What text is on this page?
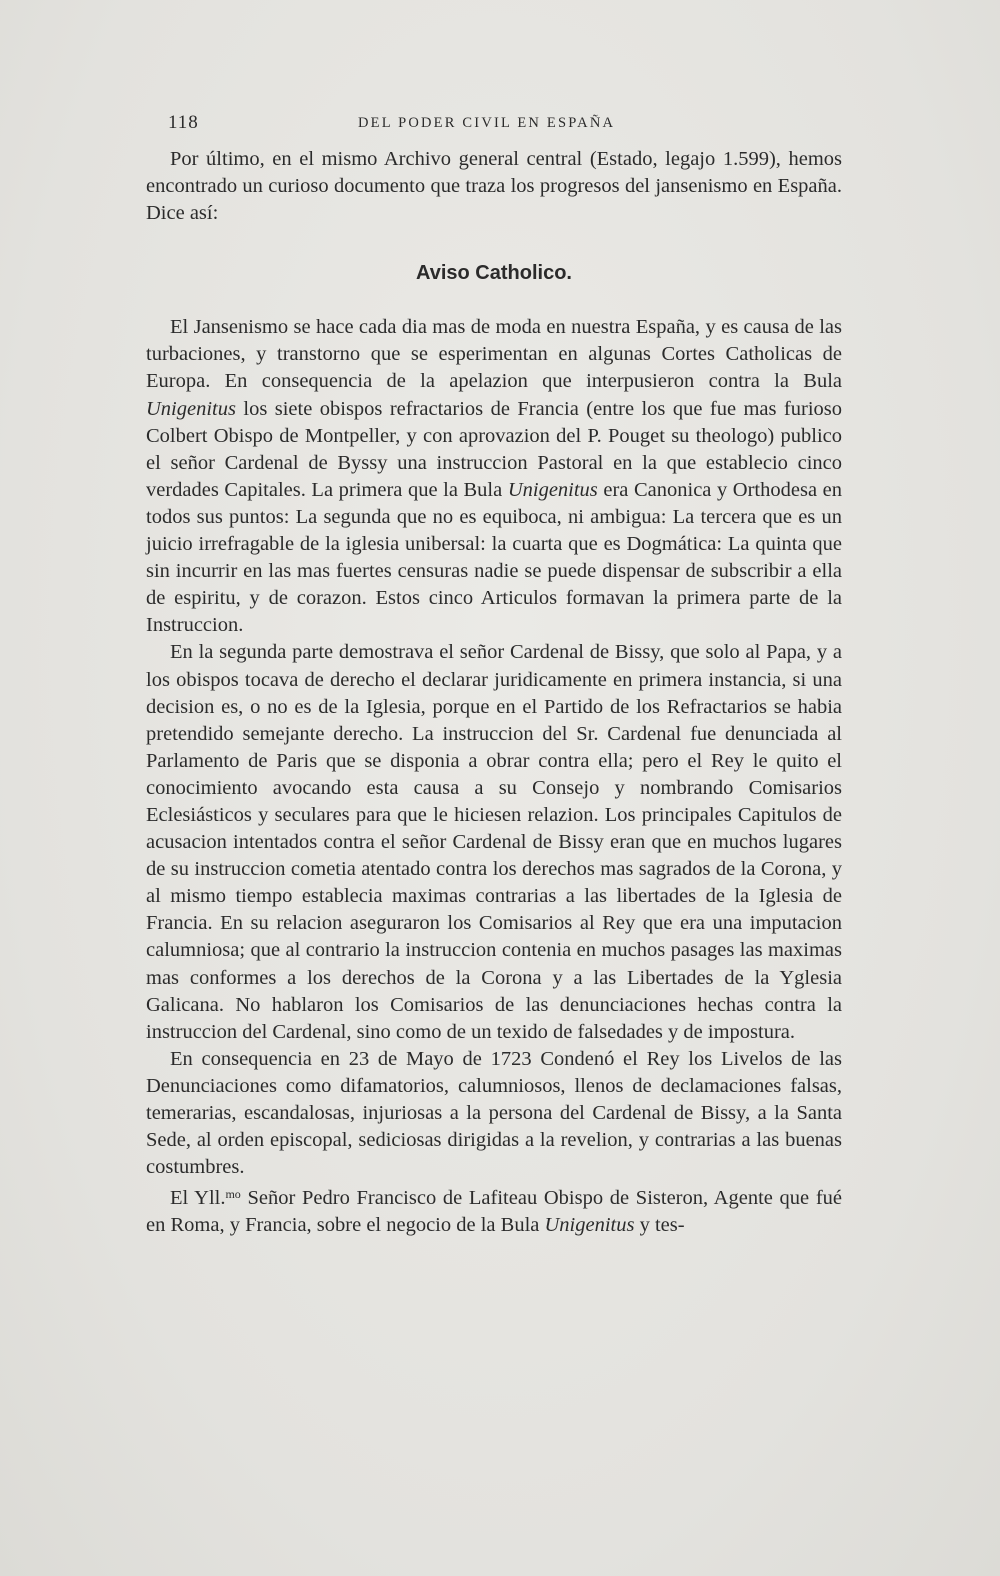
118	DEL PODER CIVIL EN ESPAÑA

Por último, en el mismo Archivo general central (Estado, legajo 1.599), hemos encontrado un curioso documento que traza los progresos del jansenismo en España. Dice así:

Aviso Catholico.

El Jansenismo se hace cada dia mas de moda en nuestra España, y es causa de las turbaciones, y transtorno que se esperimentan en algunas Cortes Catholicas de Europa. En consequencia de la apelazion que interpusieron contra la Bula Unigenitus los siete obispos refractarios de Francia (entre los que fue mas furioso Colbert Obispo de Montpeller, y con aprovazion del P. Pouget su theologo) publico el señor Cardenal de Byssy una instruccion Pastoral en la que establecio cinco verdades Capitales. La primera que la Bula Unigenitus era Canonica y Orthodesa en todos sus puntos: La segunda que no es equiboca, ni ambigua: La tercera que es un juicio irrefragable de la iglesia unibersal: la cuarta que es Dogmática: La quinta que sin incurrir en las mas fuertes censuras nadie se puede dispensar de subscribir a ella de espiritu, y de corazon. Estos cinco Articulos formavan la primera parte de la Instruccion.

En la segunda parte demostrava el señor Cardenal de Bissy, que solo al Papa, y a los obispos tocava de derecho el declarar juridicamente en primera instancia, si una decision es, o no es de la Iglesia, porque en el Partido de los Refractarios se habia pretendido semejante derecho. La instruccion del Sr. Cardenal fue denunciada al Parlamento de Paris que se disponia a obrar contra ella; pero el Rey le quito el conocimiento avocando esta causa a su Consejo y nombrando Comisarios Eclesiásticos y seculares para que le hiciesen relazion. Los principales Capitulos de acusacion intentados contra el señor Cardenal de Bissy eran que en muchos lugares de su instruccion cometia atentado contra los derechos mas sagrados de la Corona, y al mismo tiempo establecia maximas contrarias a las libertades de la Iglesia de Francia. En su relacion aseguraron los Comisarios al Rey que era una imputacion calumniosa; que al contrario la instruccion contenia en muchos pasages las maximas mas conformes a los derechos de la Corona y a las Libertades de la Yglesia Galicana. No hablaron los Comisarios de las denunciaciones hechas contra la instruccion del Cardenal, sino como de un texido de falsedades y de impostura.

En consequencia en 23 de Mayo de 1723 Condenó el Rey los Livelos de las Denunciaciones como difamatorios, calumniosos, llenos de declamaciones falsas, temerarias, escandalosas, injuriosas a la persona del Cardenal de Bissy, a la Santa Sede, al orden episcopal, sediciosas dirigidas a la revelion, y contrarias a las buenas costumbres.

El Yll.$^{mo}$ Señor Pedro Francisco de Lafiteau Obispo de Sisteron, Agente que fué en Roma, y Francia, sobre el negocio de la Bula Unigenitus y tes-
